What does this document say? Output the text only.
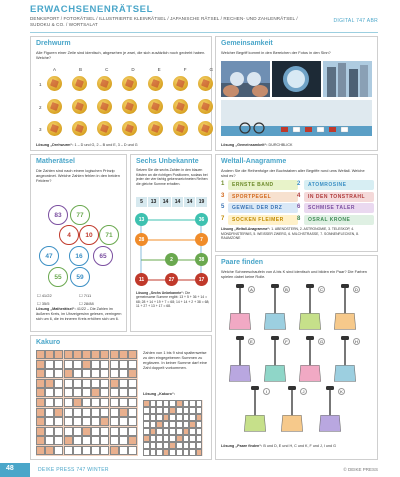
ERWACHSENENRÄTSEL
DENKSPORT / FOTORÄTSEL / ILLUSTRIERTE KLEINRÄTSEL / JAPANISCHE RÄTSEL / RECHEN- UND ZAHLENRÄTSEL / SUDOKU & CO. / WORTSALAT
DIGITAL 747 ABR
Drehwurm
Alle Figuren einer Zeile sind identisch, abgesehen je zwei, die sich zusätzlich noch gedreht haben. Welche?
A	B	C	D	E	F	G
1
2
3
Lösung „Drehwurm“: 1 – D und G, 2 – B und E, 3 – D und G
Gemeinsamkeit
Welcher Begriff kommt in den Bereichen der Fotos in den Sinn?
Lösung „Gemeinsamkeit“: DURCHBLICK
Matherätsel
Die Zahlen sind nach einem logischen Prinzip angeordnet. Welche Zahlen fehlen in den beiden Feldern?
83	77
4	10	71
47	16	65
55	59
☐ 41/22	☐ 7/11
☐ 35/5	☐ 28/88
Lösung „Matherätsel“: 41/22 – Die Zahlen im äußeren Kreis, im Uhrzeigersinn gelesen, verringern sich um 6, die im inneren Kreis erhöhen sich um 6.
Sechs Unbekannte
Setzen Sie die sechs Zahlen in den blauen Kästen an die richtigen Positionen, sodass bei jeder der vier farbig gekennzeichneten Reihen die gleiche Summe erhalten.
5	13	14	14	14	19
13	36
28	7
2	38
11	27	17
Lösung „Sechs Unbekannte“: Die gemeinsame Summe ergibt: 13 + 5 + 36 + 14 = 68; 28 + 14 + 19 + 7 = 68; 14 + 14 + 2 + 38 = 68; 11 + 27 + 13 + 17 = 68.
Weltall-Anagramme
Ändern Sie die Reihenfolge der Buchstaben aller Begriffe rund ums Weltall. Welche sind es?
1	ERNSTE BAND	2	ATOMROSINE
3	SPORTPEGEL	4	IN DEN TONSTRAHL
5	GEWEIL DER DRZ	6	SCHMISE TALER
7	SOCKEN FLEIMER	8	OSRAL KRONE
Lösung „Weltall-Anagramme“: 1. ABENDSTERN, 2. ASTRONOMIE, 3. TELESKOP, 4. MONDFINSTERNIS, 5. WEISSER ZWERG, 6. MILCHSTRASSE, 7. SONNENFLECKEN, 8. RAUMZONE
Paare finden
Welche Schneeschaufeln von A bis K sind identisch und bilden ein Paar? Die Farben spielen dabei keine Rolle.
A	B	C	D
E	F	G	H
I	J	K
Lösung „Paare finden“: B und D, E und H, C und K, F und J, I und G
Kakuro
Zahlen von 1 bis 9 sind spaltenweise zu den eingegebenen Summen zu ergänzen. In keiner Summe darf eine Zahl doppelt vorkommen.
Lösung „Kakuro“:
48	DEIKE PRESS 747 WINTER	© DEIKE PRESS
